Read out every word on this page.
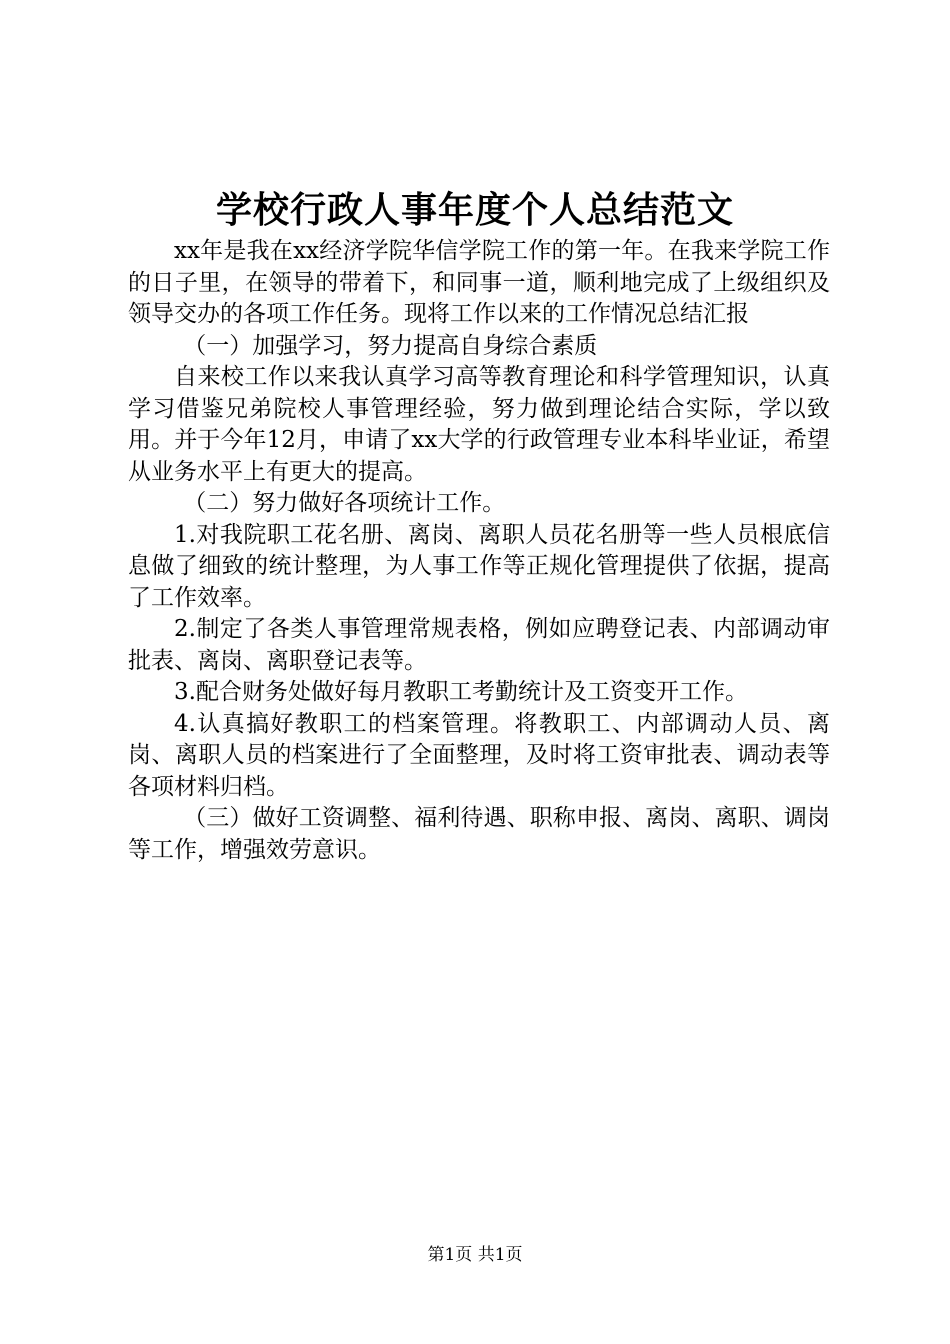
学校行政人事年度个人总结范文

xx年是我在xx经济学院华信学院工作的第一年。在我来学院工作的日子里，在领导的带着下，和同事一道，顺利地完成了上级组织及领导交办的各项工作任务。现将工作以来的工作情况总结汇报

（一）加强学习，努力提高自身综合素质

自来校工作以来我认真学习高等教育理论和科学管理知识，认真学习借鉴兄弟院校人事管理经验，努力做到理论结合实际，学以致用。并于今年12月，申请了xx大学的行政管理专业本科毕业证，希望从业务水平上有更大的提高。

（二）努力做好各项统计工作。

1.对我院职工花名册、离岗、离职人员花名册等一些人员根底信息做了细致的统计整理，为人事工作等正规化管理提供了依据，提高了工作效率。

2.制定了各类人事管理常规表格，例如应聘登记表、内部调动审批表、离岗、离职登记表等。

3.配合财务处做好每月教职工考勤统计及工资变开工作。

4.认真搞好教职工的档案管理。将教职工、内部调动人员、离岗、离职人员的档案进行了全面整理，及时将工资审批表、调动表等各项材料归档。

（三）做好工资调整、福利待遇、职称申报、离岗、离职、调岗等工作，增强效劳意识。

第1页 共1页
